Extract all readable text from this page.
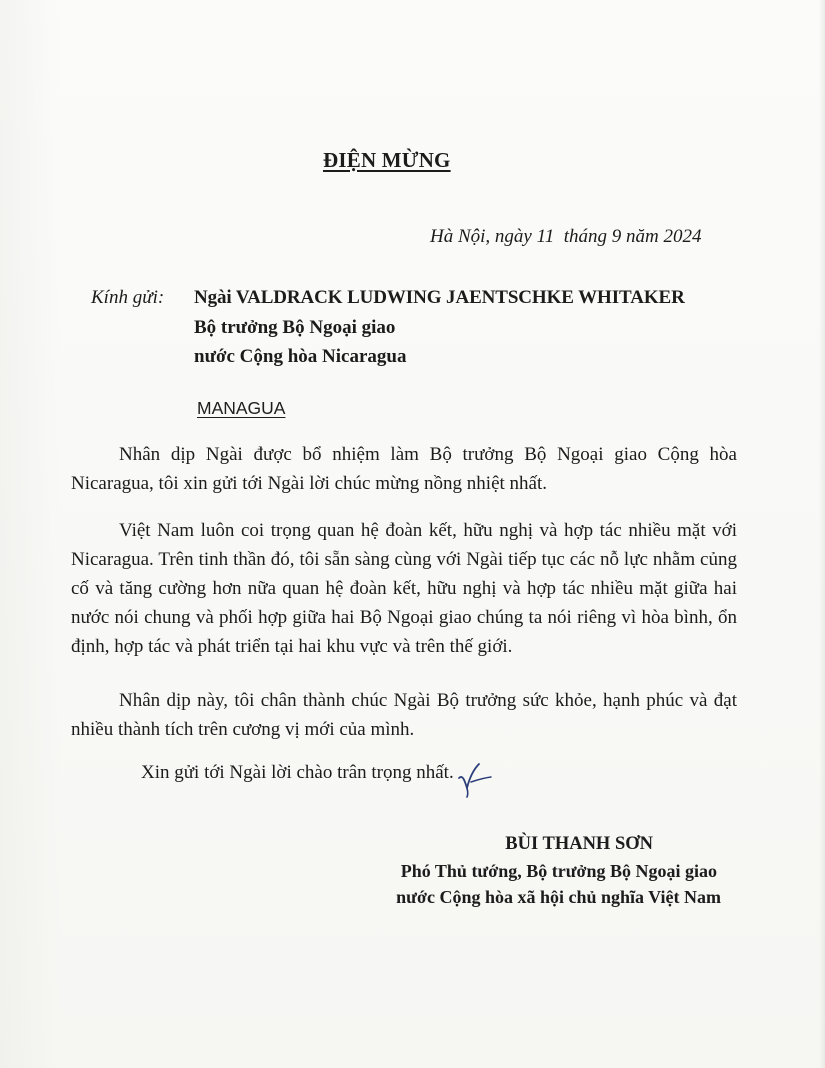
ĐIỆN MỪNG
Hà Nội, ngày 11  tháng 9 năm 2024
Kính gửi: Ngài VALDRACK LUDWING JAENTSCHKE WHITAKER
Bộ trưởng Bộ Ngoại giao
nước Cộng hòa Nicaragua
MANAGUA

Nhân dịp Ngài được bổ nhiệm làm Bộ trưởng Bộ Ngoại giao Cộng hòa Nicaragua, tôi xin gửi tới Ngài lời chúc mừng nồng nhiệt nhất.

Việt Nam luôn coi trọng quan hệ đoàn kết, hữu nghị và hợp tác nhiều mặt với Nicaragua. Trên tinh thần đó, tôi sẵn sàng cùng với Ngài tiếp tục các nỗ lực nhằm củng cố và tăng cường hơn nữa quan hệ đoàn kết, hữu nghị và hợp tác nhiều mặt giữa hai nước nói chung và phối hợp giữa hai Bộ Ngoại giao chúng ta nói riêng vì hòa bình, ổn định, hợp tác và phát triển tại hai khu vực và trên thế giới.

Nhân dịp này, tôi chân thành chúc Ngài Bộ trưởng sức khỏe, hạnh phúc và đạt nhiều thành tích trên cương vị mới của mình.

Xin gửi tới Ngài lời chào trân trọng nhất.
BÙI THANH SƠN
Phó Thủ tướng, Bộ trưởng Bộ Ngoại giao
nước Cộng hòa xã hội chủ nghĩa Việt Nam
